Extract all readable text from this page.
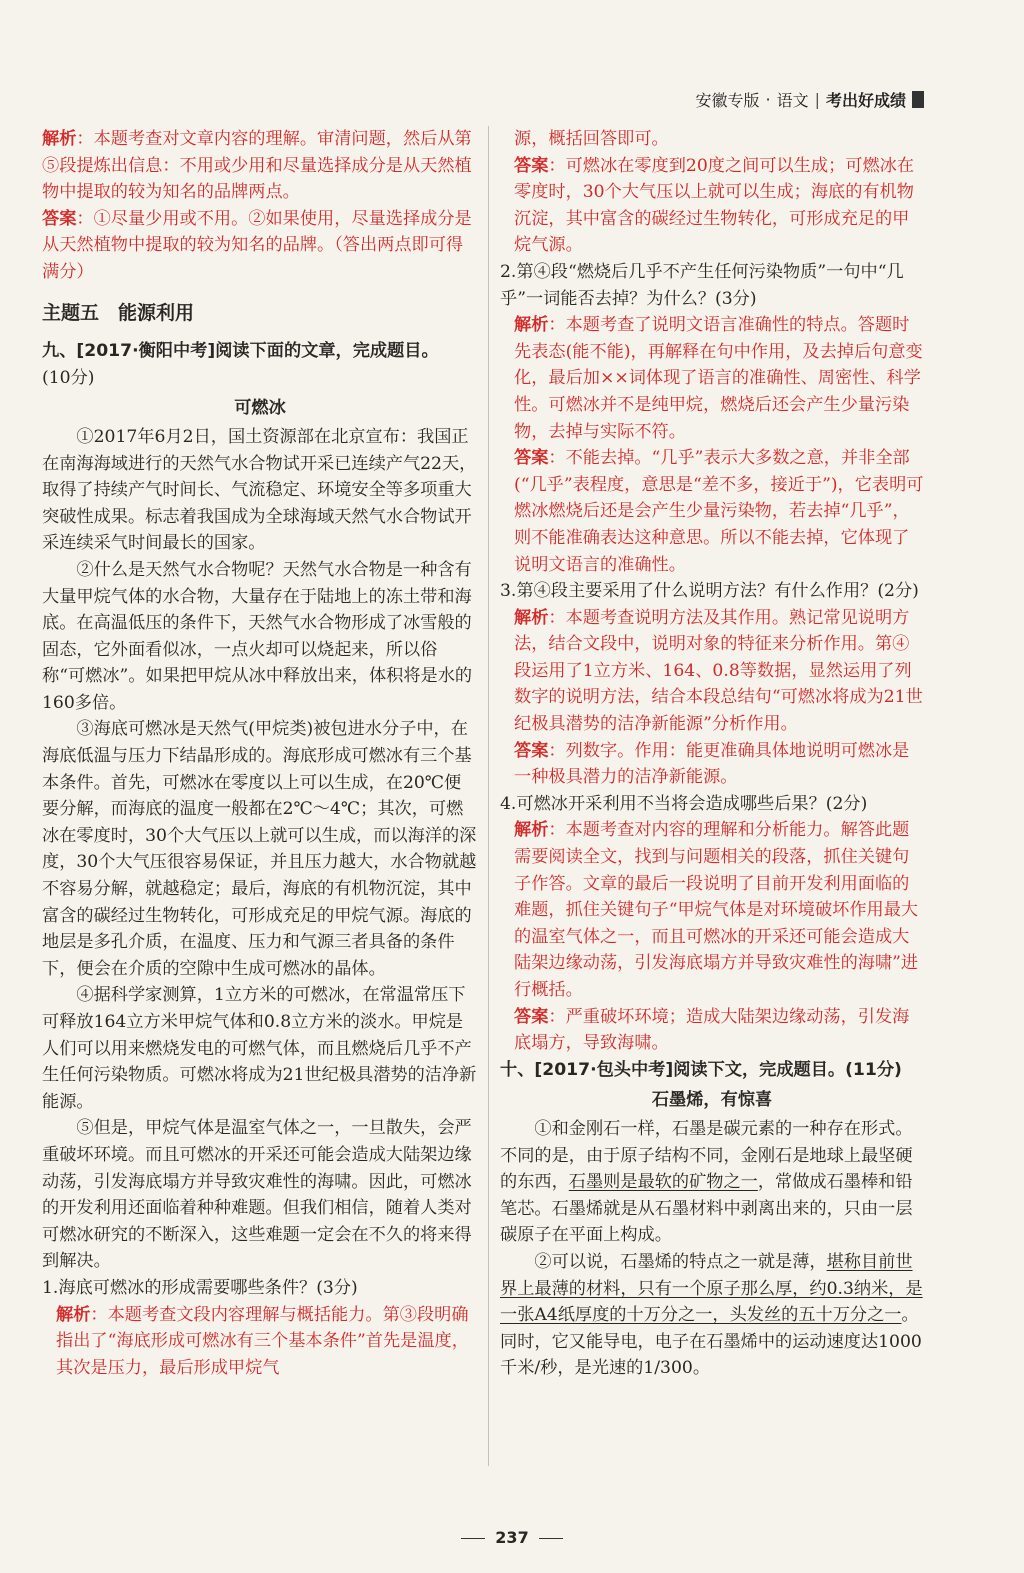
安徽专版 · 语文 | 考出好成绩

解析：本题考查对文章内容的理解。审清问题，然后从第⑤段提炼出信息：不用或少用和尽量选择成分是从天然植物中提取的较为知名的品牌两点。

答案：①尽量少用或不用。②如果使用，尽量选择成分是从天然植物中提取的较为知名的品牌。（答出两点即可得满分）

主题五　能源利用

九、[2017·衡阳中考]阅读下面的文章，完成题目。

(10分)

可燃冰

①2017年6月2日，国土资源部在北京宣布：我国正在南海海域进行的天然气水合物试开采已连续产气22天，取得了持续产气时间长、气流稳定、环境安全等多项重大突破性成果。标志着我国成为全球海域天然气水合物试开采连续采气时间最长的国家。

②什么是天然气水合物呢？天然气水合物是一种含有大量甲烷气体的水合物，大量存在于陆地上的冻土带和海底。在高温低压的条件下，天然气水合物形成了冰雪般的固态，它外面看似冰，一点火却可以烧起来，所以俗称“可燃冰”。如果把甲烷从冰中释放出来，体积将是水的160多倍。

③海底可燃冰是天然气(甲烷类)被包进水分子中，在海底低温与压力下结晶形成的。海底形成可燃冰有三个基本条件。首先，可燃冰在零度以上可以生成，在20℃便要分解，而海底的温度一般都在2℃～4℃；其次，可燃冰在零度时，30个大气压以上就可以生成，而以海洋的深度，30个大气压很容易保证，并且压力越大，水合物就越不容易分解，就越稳定；最后，海底的有机物沉淀，其中富含的碳经过生物转化，可形成充足的甲烷气源。海底的地层是多孔介质，在温度、压力和气源三者具备的条件下，便会在介质的空隙中生成可燃冰的晶体。

④据科学家测算，1立方米的可燃冰，在常温常压下可释放164立方米甲烷气体和0.8立方米的淡水。甲烷是人们可以用来燃烧发电的可燃气体，而且燃烧后几乎不产生任何污染物质。可燃冰将成为21世纪极具潜势的洁净新能源。

⑤但是，甲烷气体是温室气体之一，一旦散失，会严重破坏环境。而且可燃冰的开采还可能会造成大陆架边缘动荡，引发海底塌方并导致灾难性的海啸。因此，可燃冰的开发利用还面临着种种难题。但我们相信，随着人类对可燃冰研究的不断深入，这些难题一定会在不久的将来得到解决。

1.海底可燃冰的形成需要哪些条件？(3分)

解析：本题考查文段内容理解与概括能力。第③段明确指出了“海底形成可燃冰有三个基本条件”首先是温度，其次是压力，最后形成甲烷气

源，概括回答即可。

答案：可燃冰在零度到20度之间可以生成；可燃冰在零度时，30个大气压以上就可以生成；海底的有机物沉淀，其中富含的碳经过生物转化，可形成充足的甲烷气源。

2.第④段“燃烧后几乎不产生任何污染物质”一句中“几乎”一词能否去掉？为什么？(3分)

解析：本题考查了说明文语言准确性的特点。答题时先表态(能不能)，再解释在句中作用，及去掉后句意变化，最后加××词体现了语言的准确性、周密性、科学性。可燃冰并不是纯甲烷，燃烧后还会产生少量污染物，去掉与实际不符。

答案：不能去掉。“几乎”表示大多数之意，并非全部(“几乎”表程度，意思是“差不多，接近于”)，它表明可燃冰燃烧后还是会产生少量污染物，若去掉“几乎”，则不能准确表达这种意思。所以不能去掉，它体现了说明文语言的准确性。

3.第④段主要采用了什么说明方法？有什么作用？(2分)

解析：本题考查说明方法及其作用。熟记常见说明方法，结合文段中，说明对象的特征来分析作用。第④段运用了1立方米、164、0.8等数据，显然运用了列数字的说明方法，结合本段总结句“可燃冰将成为21世纪极具潜势的洁净新能源”分析作用。

答案：列数字。作用：能更准确具体地说明可燃冰是一种极具潜力的洁净新能源。

4.可燃冰开采利用不当将会造成哪些后果？(2分)

解析：本题考查对内容的理解和分析能力。解答此题需要阅读全文，找到与问题相关的段落，抓住关键句子作答。文章的最后一段说明了目前开发利用面临的难题，抓住关键句子“甲烷气体是对环境破坏作用最大的温室气体之一，而且可燃冰的开采还可能会造成大陆架边缘动荡，引发海底塌方并导致灾难性的海啸”进行概括。

答案：严重破坏环境；造成大陆架边缘动荡，引发海底塌方，导致海啸。

十、[2017·包头中考]阅读下文，完成题目。(11分)

石墨烯，有惊喜

①和金刚石一样，石墨是碳元素的一种存在形式。不同的是，由于原子结构不同，金刚石是地球上最坚硬的东西，石墨则是最软的矿物之一，常做成石墨棒和铅笔芯。石墨烯就是从石墨材料中剥离出来的，只由一层碳原子在平面上构成。

②可以说，石墨烯的特点之一就是薄，堪称目前世界上最薄的材料，只有一个原子那么厚，约0.3纳米，是一张A4纸厚度的十万分之一，头发丝的五十万分之一。同时，它又能导电，电子在石墨烯中的运动速度达1000千米/秒，是光速的1/300。

237
